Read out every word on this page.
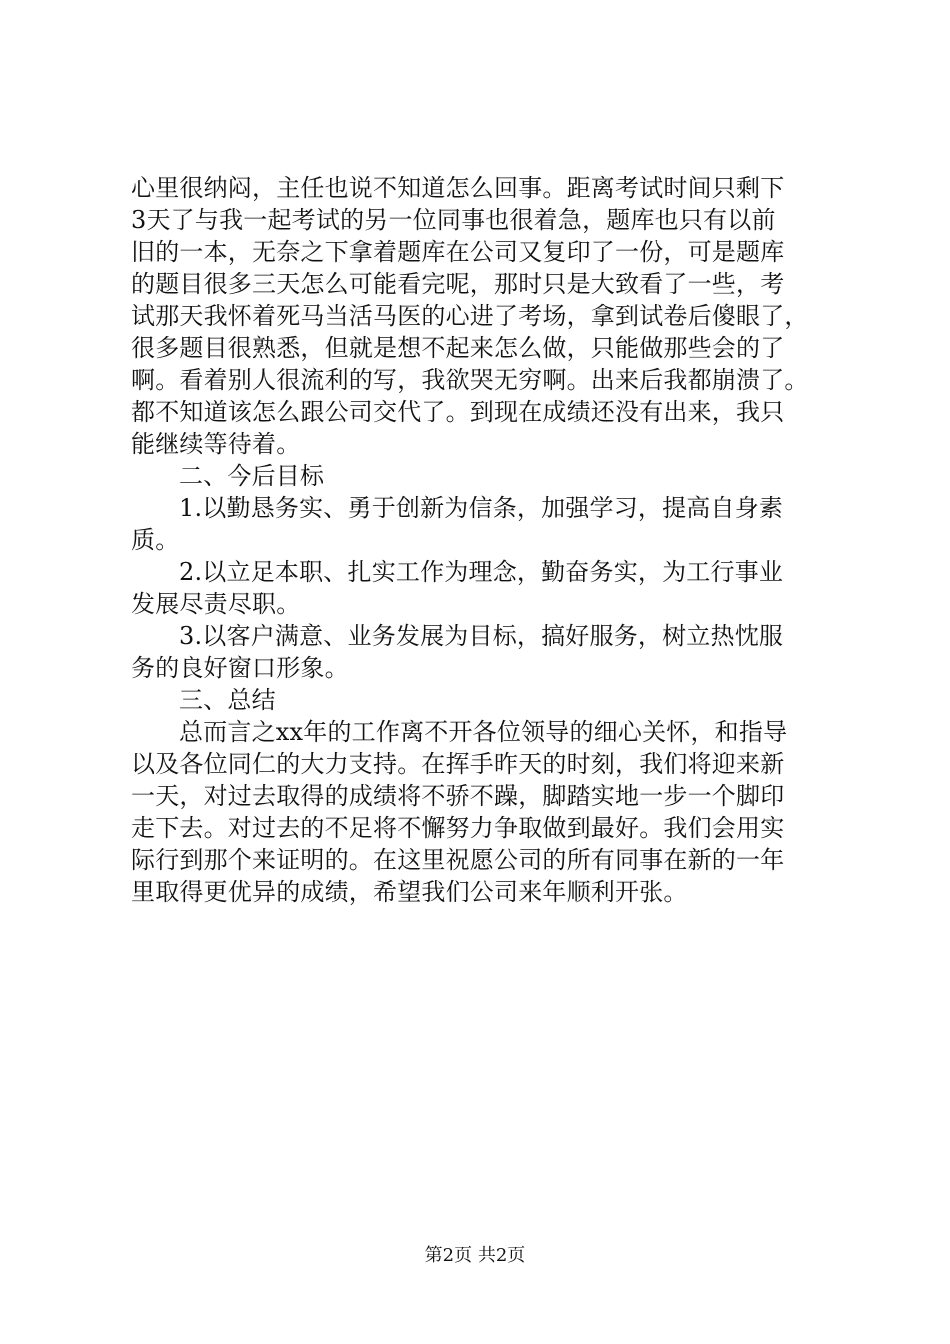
心里很纳闷，主任也说不知道怎么回事。距离考试时间只剩下
3天了与我一起考试的另一位同事也很着急，题库也只有以前
旧的一本，无奈之下拿着题库在公司又复印了一份，可是题库
的题目很多三天怎么可能看完呢，那时只是大致看了一些，考
试那天我怀着死马当活马医的心进了考场，拿到试卷后傻眼了，
很多题目很熟悉，但就是想不起来怎么做，只能做那些会的了
啊。看着别人很流利的写，我欲哭无穷啊。出来后我都崩溃了。
都不知道该怎么跟公司交代了。到现在成绩还没有出来，我只
能继续等待着。
二、今后目标
1.以勤恳务实、勇于创新为信条，加强学习，提高自身素
质。
2.以立足本职、扎实工作为理念，勤奋务实，为工行事业
发展尽责尽职。
3.以客户满意、业务发展为目标，搞好服务，树立热忱服
务的良好窗口形象。
三、总结
总而言之xx年的工作离不开各位领导的细心关怀，和指导
以及各位同仁的大力支持。在挥手昨天的时刻，我们将迎来新
一天，对过去取得的成绩将不骄不躁，脚踏实地一步一个脚印
走下去。对过去的不足将不懈努力争取做到最好。我们会用实
际行到那个来证明的。在这里祝愿公司的所有同事在新的一年
里取得更优异的成绩，希望我们公司来年顺利开张。
第2页 共2页
